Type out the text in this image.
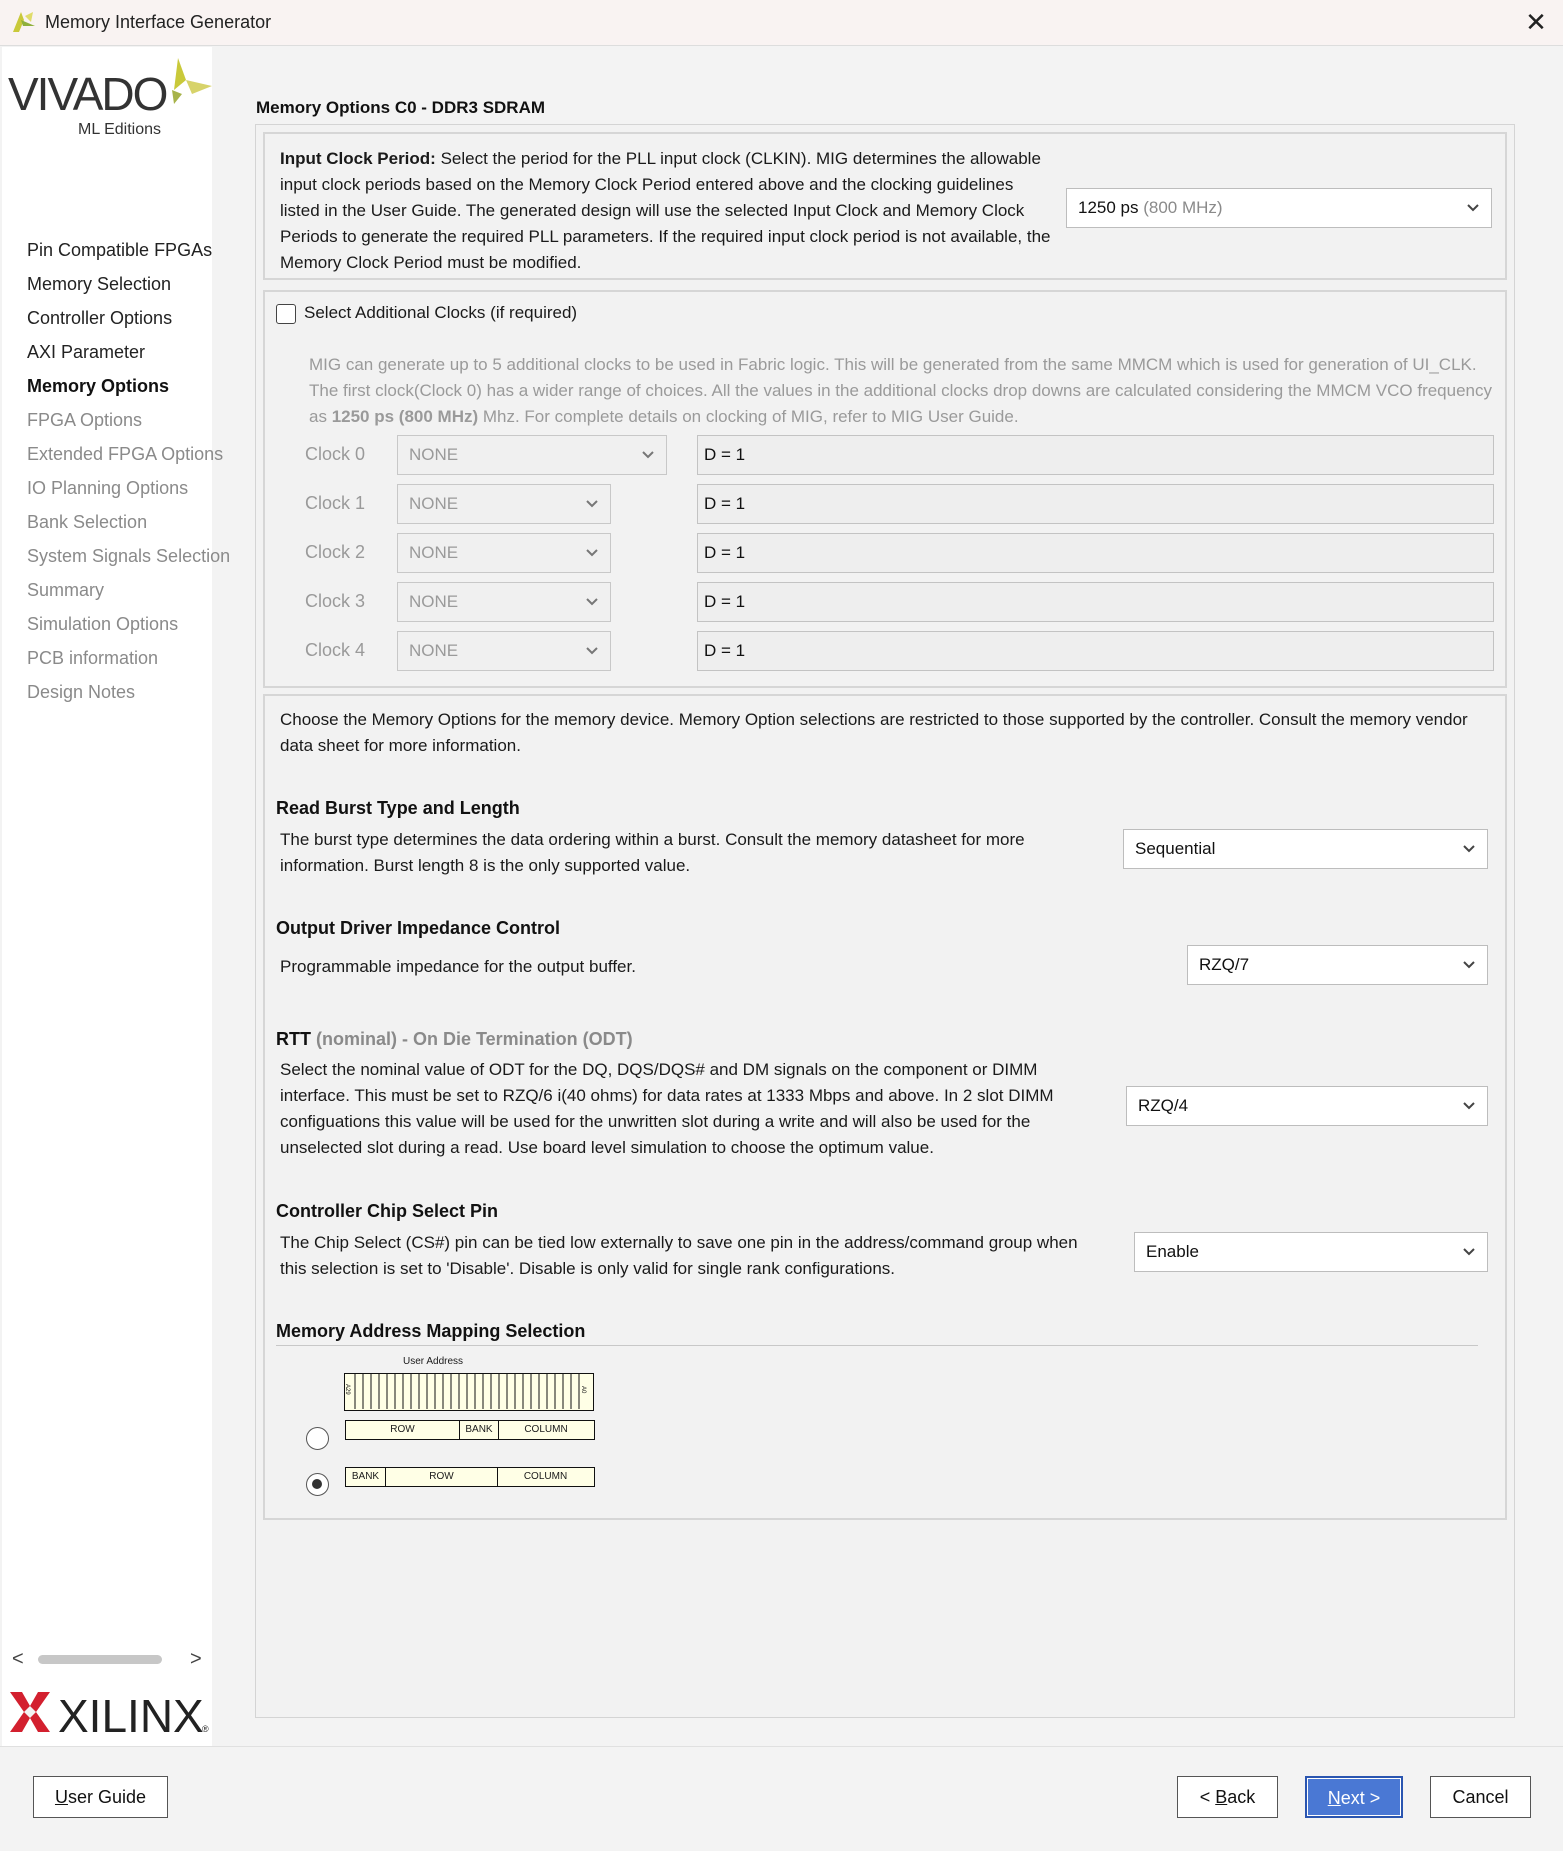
Memory Interface Generator	✕
VIVADO
ML Editions
Pin Compatible FPGAs
Memory Selection
Controller Options
AXI Parameter
Memory Options
FPGA Options
Extended FPGA Options
IO Planning Options
Bank Selection
System Signals Selection
Summary
Simulation Options
PCB information
Design Notes
<	>
XILINX
®
Memory Options C0 - DDR3 SDRAM
Input Clock Period: Select the period for the PLL input clock (CLKIN). MIG determines the allowable input clock periods based on the Memory Clock Period entered above and the clocking guidelines listed in the User Guide. The generated design will use the selected Input Clock and Memory Clock Periods to generate the required PLL parameters. If the required input clock period is not available, the Memory Clock Period must be modified.
1250 ps (800 MHz)
Select Additional Clocks (if required)
MIG can generate up to 5 additional clocks to be used in Fabric logic. This will be generated from the same MMCM which is used for generation of UI_CLK. The first clock(Clock 0) has a wider range of choices. All the values in the additional clocks drop downs are calculated considering the MMCM VCO frequency as 1250 ps (800 MHz) Mhz. For complete details on clocking of MIG, refer to MIG User Guide.
Clock 0	NONE	D = 1
Clock 1	NONE	D = 1
Clock 2	NONE	D = 1
Clock 3	NONE	D = 1
Clock 4	NONE	D = 1
Choose the Memory Options for the memory device. Memory Option selections are restricted to those supported by the controller. Consult the memory vendor data sheet for more information.
Read Burst Type and Length
The burst type determines the data ordering within a burst. Consult the memory datasheet for more information. Burst length 8 is the only supported value.
Sequential
Output Driver Impedance Control
Programmable impedance for the output buffer.	RZQ/7
RTT (nominal) - On Die Termination (ODT)
Select the nominal value of ODT for the DQ, DQS/DQS# and DM signals on the component or DIMM interface. This must be set to RZQ/6 i(40 ohms) for data rates at 1333 Mbps and above. In 2 slot DIMM configuations this value will be used for the unwritten slot during a write and will also be used for the unselected slot during a read. Use board level simulation to choose the optimum value.
RZQ/4
Controller Chip Select Pin
The Chip Select (CS#) pin can be tied low externally to save one pin in the address/command group when this selection is set to 'Disable'. Disable is only valid for single rank configurations.
Enable
Memory Address Mapping Selection
User Address
A29	A0
ROW	BANK	COLUMN
BANK	ROW	COLUMN
User Guide	< Back	Next >	Cancel
